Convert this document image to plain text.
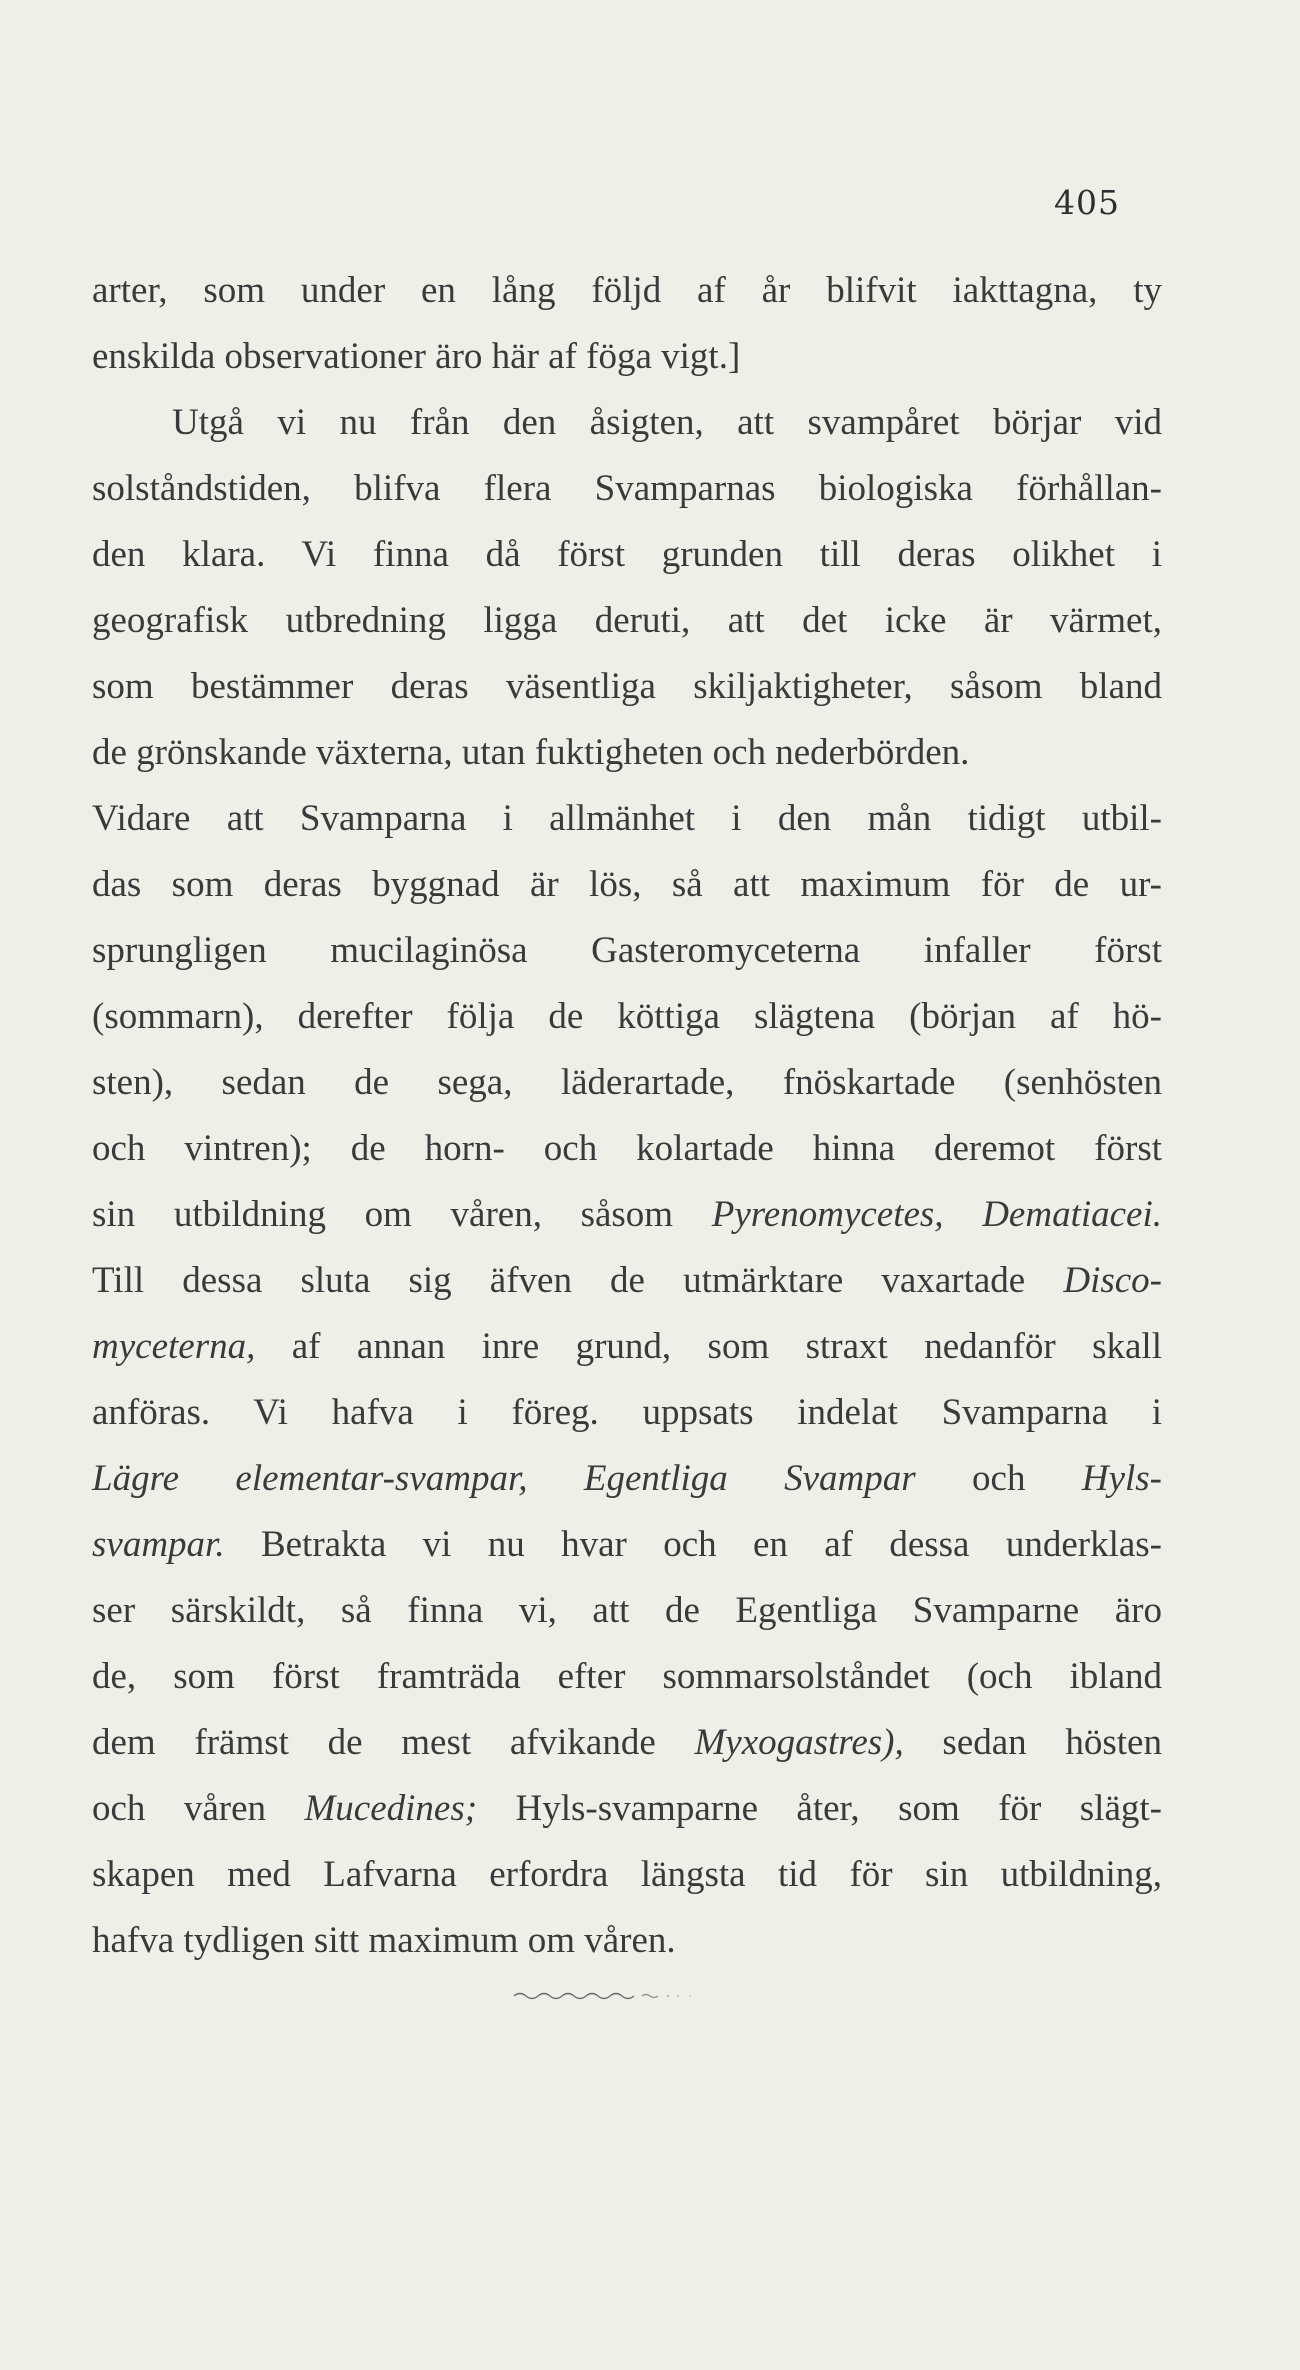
405
arter, som under en lång följd af år blifvit iakttagna, ty
enskilda observationer äro här af föga vigt.]
Utgå vi nu från den åsigten, att svampåret börjar vid
solståndstiden, blifva flera Svamparnas biologiska förhållan-
den klara. Vi finna då först grunden till deras olikhet i
geografisk utbredning ligga deruti, att det icke är värmet,
som bestämmer deras väsentliga skiljaktigheter, såsom bland
de grönskande växterna, utan fuktigheten och nederbörden.
Vidare att Svamparna i allmänhet i den mån tidigt utbil-
das som deras byggnad är lös, så att maximum för de ur-
sprungligen mucilaginösa Gasteromyceterna infaller först
(sommarn), derefter följa de köttiga slägtena (början af hö-
sten), sedan de sega, läderartade, fnöskartade (senhösten
och vintren); de horn- och kolartade hinna deremot först
sin utbildning om våren, såsom Pyrenomycetes, Dematiacei.
Till dessa sluta sig äfven de utmärktare vaxartade Disco-
myceterna, af annan inre grund, som straxt nedanför skall
anföras. Vi hafva i föreg. uppsats indelat Svamparna i
Lägre elementar-svampar, Egentliga Svampar och Hyls-
svampar. Betrakta vi nu hvar och en af dessa underklas-
ser särskildt, så finna vi, att de Egentliga Svamparne äro
de, som först framträda efter sommarsolståndet (och ibland
dem främst de mest afvikande Myxogastres), sedan hösten
och våren Mucedines; Hyls-svamparne åter, som för slägt-
skapen med Lafvarna erfordra längsta tid för sin utbildning,
hafva tydligen sitt maximum om våren.
